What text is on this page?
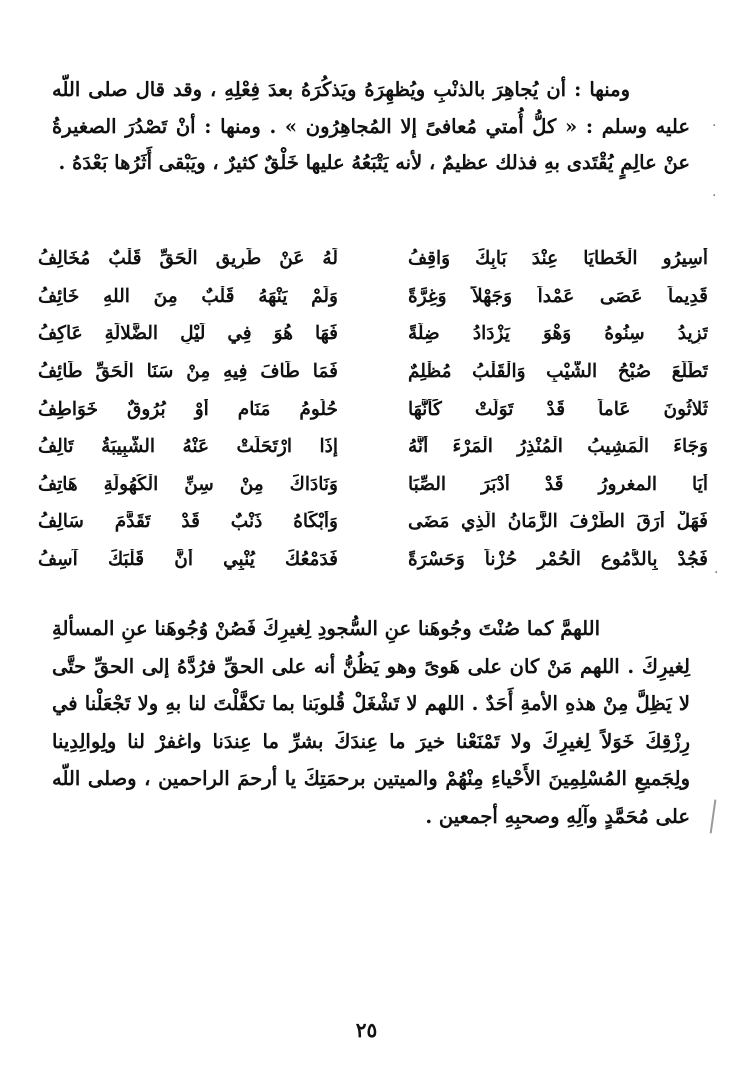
·
·
·

ومنها : أن يُجاهِرَ بالذنْبِ ويُظهِرَهُ ويَذكُرَهُ بعدَ فِعْلِهِ ، وقد قال صلى اللّه عليه وسلم : « كلُّ أُمتي مُعافىً إلا المُجاهِرُون » . ومنها : أنْ تَصْدُرَ الصغيرةُ عنْ عالِمٍ يُقْتَدى بهِ فذلك عظيمٌ ، لأنه يَتْبَعُهُ عليها خَلْقٌ كثيرٌ ، ويَبْقى أَثَرُها بَعْدَهُ .

أَسِيرُو الْخَطايَا عِنْدَ بَابِكَ وَاقِفُ
لَهُ عَنْ طَرِيقِ الْحَقِّ قَلْبٌ مُخَالِفُ
قَدِيماً عَصَى عَمْداً وَجَهْلاً وَغِرَّةً
وَلَمْ يَنْهَهُ قَلْبٌ مِنَ اللهِ خَائِفُ
تَزِيدُ سِنُوهُ وَهْوَ يَزْدَادُ ضِلَّةً
فَهَا هُوَ فِي لَيْلِ الضَّلالَةِ عَاكِفُ
تَطَلَّعَ صُبْحُ الشَّيْبِ وَالْقَلْبُ مُظْلِمٌ
فَمَا طَافَ فِيهِ مِنْ سَنَا الْحَقِّ طَائِفُ
ثَلاثُونَ عَاماً قَدْ تَوَلَّتْ كَأَنَّهَا
حُلُومُ مَنَامٍ أَوْ بُرُوقٌ خَوَاطِفُ
وَجَاءَ الْمَشِيبُ الْمُنْذِرُ الْمَرْءَ أَنَّهُ
إِذَا ارْتَحَلَتْ عَنْهُ الشَّبِيبَةُ تَالِفُ
أَيَا المغرورُ قَدْ أَدْبَرَ الصِّبَا
وَنَادَاكَ مِنْ سِنِّ الْكُهُولَةِ هَاتِفُ
فَهَلْ أَرَقَ الطَّرْفَ الزَّمَانُ الَّذِي مَضَى
وَأَبْكَاهُ ذَنْبٌ قَدْ تَقَدَّمَ سَالِفُ
فَجُدْ بِالدُّمُوعِ الْحُمْرِ حُزْناً وَحَسْرَةً
فَدَمْعُكَ يُنْبِي أَنَّ قَلْبَكَ آسِفُ

اللهمَّ كما صُنْتَ وجُوهَنا عنِ السُّجودِ لِغيرِكَ فَصُنْ وُجُوهَنا عنِ المسألةِ لِغيرِكَ . اللهم مَنْ كان على هَوىً وهو يَظُنُّ أنه على الحقِّ فرُدَّهُ إلى الحقِّ حتَّى لا يَظِلَّ مِنْ هذهِ الأمةِ أَحَدٌ . اللهم لا تَشْغَلْ قُلوبَنا بما تكفَّلْتَ لنا بهِ ولا تَجْعَلْنا في رِزْقِكَ خَوَلاً لِغيرِكَ ولا تَمْنَعْنا خيرَ ما عِندَكَ بشرِّ ما عِندَنا واغفرْ لنا ولِوالِدِينا ولِجَميعِ المُسْلِمِينَ الأَحْياءِ مِنْهُمْ والميتين برحمَتِكَ يا أرحمَ الراحمين ، وصلى اللّه على مُحَمَّدٍ وآلِهِ وصحبِهِ أجمعين .

٢٥
